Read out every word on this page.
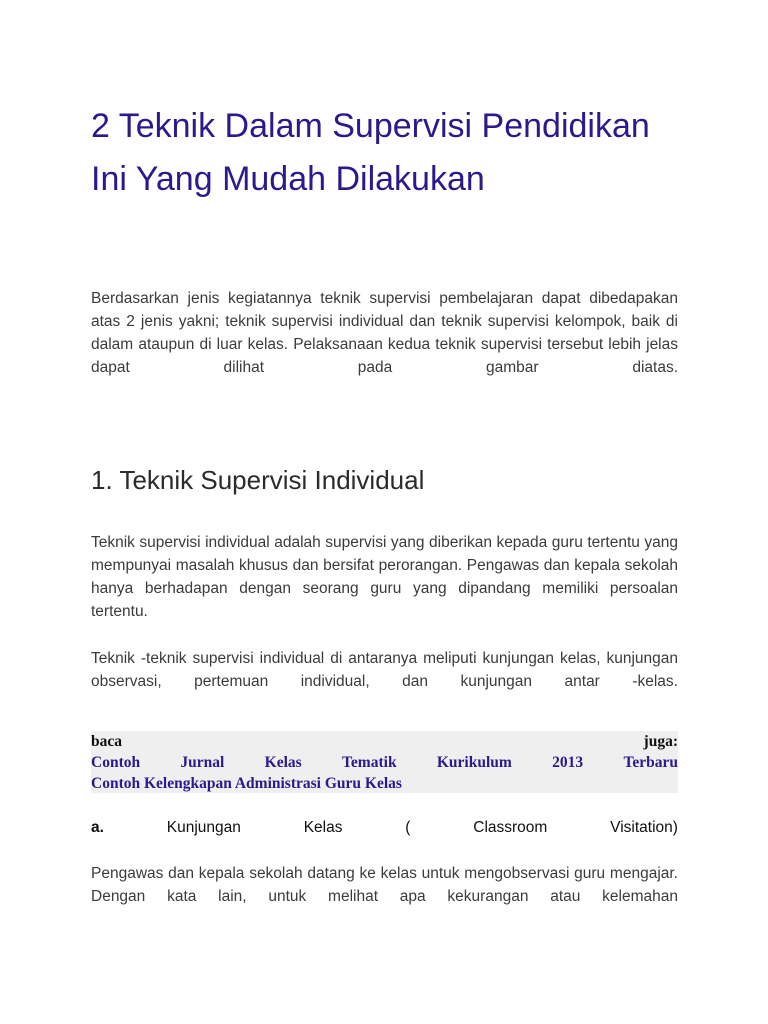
2 Teknik Dalam Supervisi Pendidikan Ini Yang Mudah Dilakukan

Berdasarkan jenis kegiatannya teknik supervisi pembelajaran dapat dibedapakan atas 2 jenis yakni; teknik supervisi individual dan teknik supervisi kelompok, baik di dalam ataupun di luar kelas. Pelaksanaan kedua teknik supervisi tersebut lebih jelas dapat dilihat pada gambar diatas.

1. Teknik Supervisi Individual

Teknik supervisi individual adalah supervisi yang diberikan kepada guru tertentu yang mempunyai masalah khusus dan bersifat perorangan. Pengawas dan kepala sekolah hanya berhadapan dengan seorang guru yang dipandang memiliki persoalan tertentu.

Teknik -teknik supervisi individual di antaranya meliputi kunjungan kelas, kunjungan observasi, pertemuan individual, dan kunjungan antar -kelas.

baca	juga:
Contoh	Jurnal	Kelas	Tematik	Kurikulum	2013	Terbaru
Contoh Kelengkapan Administrasi Guru Kelas
a.	Kunjungan	Kelas	(	Classroom	Visitation)

Pengawas dan kepala sekolah datang ke kelas untuk mengobservasi guru mengajar. Dengan kata lain, untuk melihat apa kekurangan atau kelemahan
